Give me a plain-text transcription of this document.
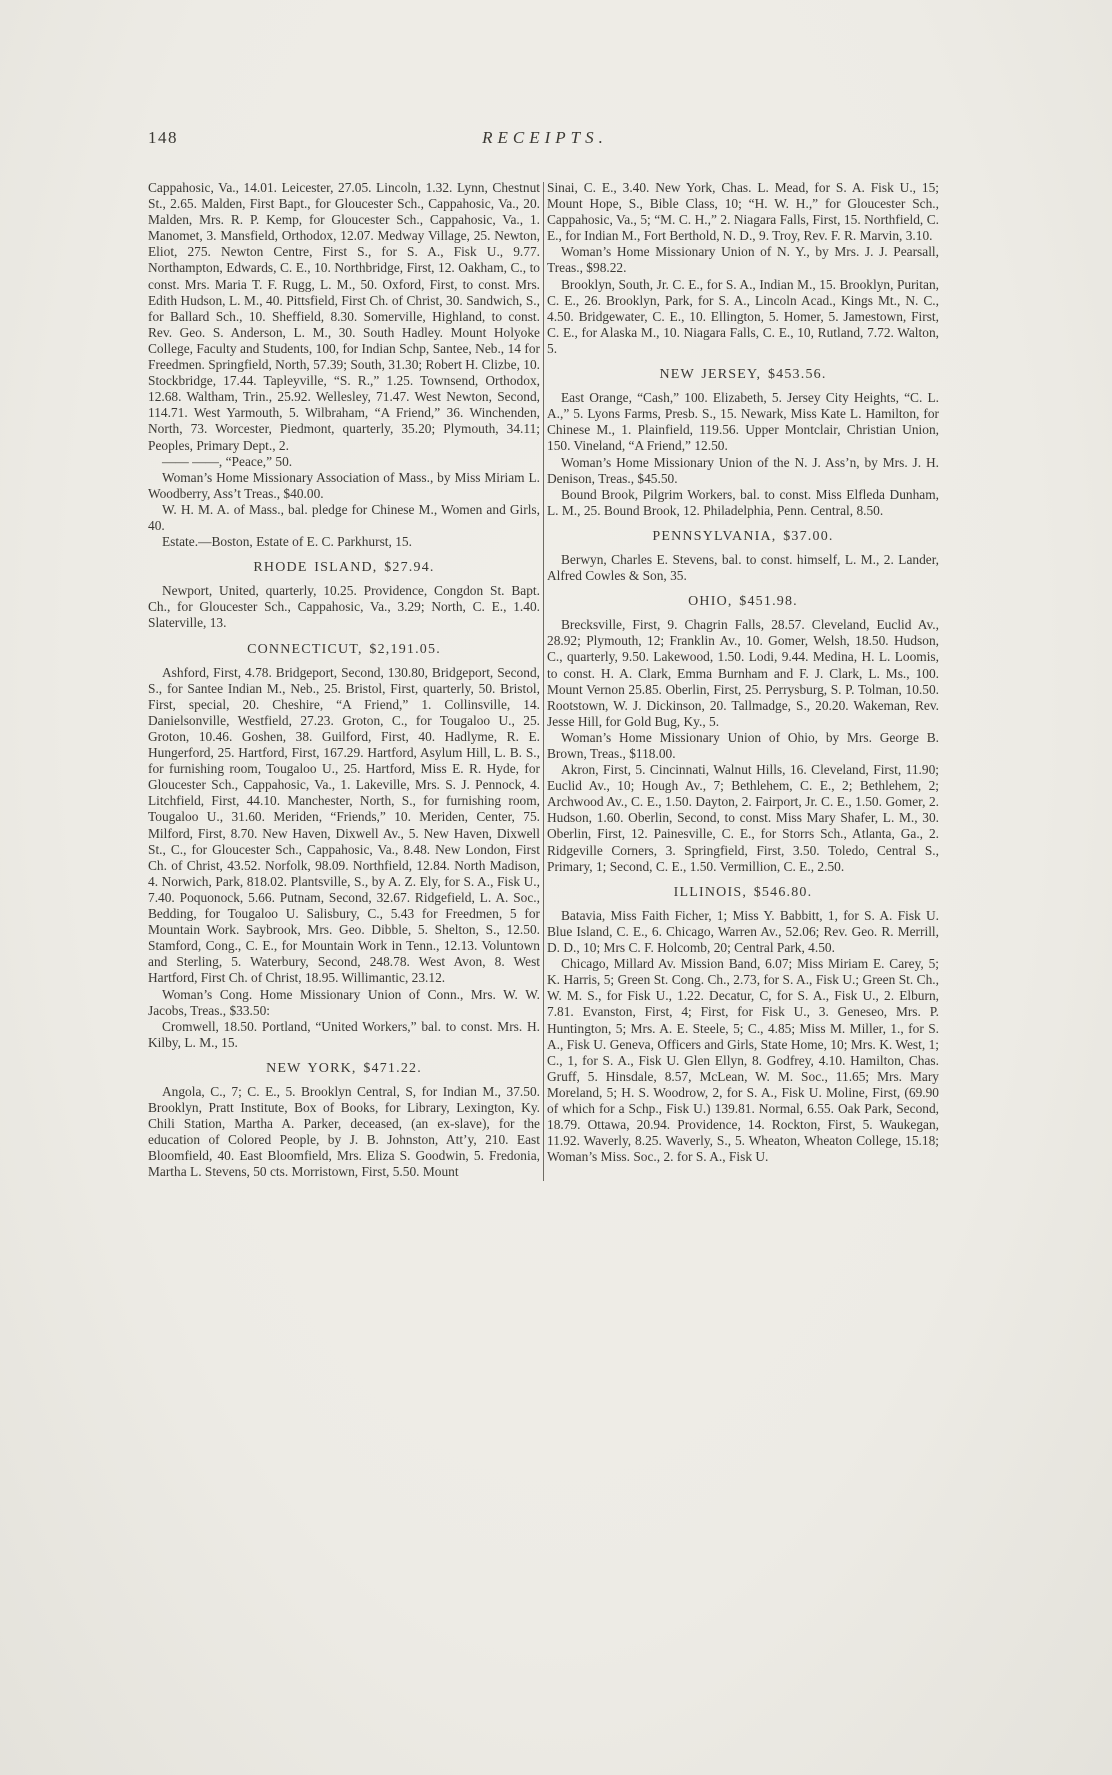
148	RECEIPTS.

Cappahosic, Va., 14.01. Leicester, 27.05. Lincoln, 1.32. Lynn, Chestnut St., 2.65. Malden, First Bapt., for Gloucester Sch., Cappahosic, Va., 20. Malden, Mrs. R. P. Kemp, for Gloucester Sch., Cappahosic, Va., 1. Manomet, 3. Mansfield, Orthodox, 12.07. Medway Village, 25. Newton, Eliot, 275. Newton Centre, First S., for S. A., Fisk U., 9.77. Northampton, Edwards, C. E., 10. Northbridge, First, 12. Oakham, C., to const. Mrs. Maria T. F. Rugg, L. M., 50. Oxford, First, to const. Mrs. Edith Hudson, L. M., 40. Pittsfield, First Ch. of Christ, 30. Sandwich, S., for Ballard Sch., 10. Sheffield, 8.30. Somerville, Highland, to const. Rev. Geo. S. Anderson, L. M., 30. South Hadley. Mount Holyoke College, Faculty and Students, 100, for Indian Schp, Santee, Neb., 14 for Freedmen. Springfield, North, 57.39; South, 31.30; Robert H. Clizbe, 10. Stockbridge, 17.44. Tapleyville, “S. R.,” 1.25. Townsend, Orthodox, 12.68. Waltham, Trin., 25.92. Wellesley, 71.47. West Newton, Second, 114.71. West Yarmouth, 5. Wilbraham, “A Friend,” 36. Winchenden, North, 73. Worcester, Piedmont, quarterly, 35.20; Plymouth, 34.11; Peoples, Primary Dept., 2.

—— ——, “Peace,” 50.

Woman’s Home Missionary Association of Mass., by Miss Miriam L. Woodberry, Ass’t Treas., $40.00.

W. H. M. A. of Mass., bal. pledge for Chinese M., Women and Girls, 40.

Estate.—Boston, Estate of E. C. Parkhurst, 15.

RHODE ISLAND, $27.94.

Newport, United, quarterly, 10.25. Providence, Congdon St. Bapt. Ch., for Gloucester Sch., Cappahosic, Va., 3.29; North, C. E., 1.40. Slaterville, 13.

CONNECTICUT, $2,191.05.

Ashford, First, 4.78. Bridgeport, Second, 130.80, Bridgeport, Second, S., for Santee Indian M., Neb., 25. Bristol, First, quarterly, 50. Bristol, First, special, 20. Cheshire, “A Friend,” 1. Collinsville, 14. Danielsonville, Westfield, 27.23. Groton, C., for Tougaloo U., 25. Groton, 10.46. Goshen, 38. Guilford, First, 40. Hadlyme, R. E. Hungerford, 25. Hartford, First, 167.29. Hartford, Asylum Hill, L. B. S., for furnishing room, Tougaloo U., 25. Hartford, Miss E. R. Hyde, for Gloucester Sch., Cappahosic, Va., 1. Lakeville, Mrs. S. J. Pennock, 4. Litchfield, First, 44.10. Manchester, North, S., for furnishing room, Tougaloo U., 31.60. Meriden, “Friends,” 10. Meriden, Center, 75. Milford, First, 8.70. New Haven, Dixwell Av., 5. New Haven, Dixwell St., C., for Gloucester Sch., Cappahosic, Va., 8.48. New London, First Ch. of Christ, 43.52. Norfolk, 98.09. Northfield, 12.84. North Madison, 4. Norwich, Park, 818.02. Plantsville, S., by A. Z. Ely, for S. A., Fisk U., 7.40. Poquonock, 5.66. Putnam, Second, 32.67. Ridgefield, L. A. Soc., Bedding, for Tougaloo U. Salisbury, C., 5.43 for Freedmen, 5 for Mountain Work. Saybrook, Mrs. Geo. Dibble, 5. Shelton, S., 12.50. Stamford, Cong., C. E., for Mountain Work in Tenn., 12.13. Voluntown and Sterling, 5. Waterbury, Second, 248.78. West Avon, 8. West Hartford, First Ch. of Christ, 18.95. Willimantic, 23.12.

Woman’s Cong. Home Missionary Union of Conn., Mrs. W. W. Jacobs, Treas., $33.50:

Cromwell, 18.50. Portland, “United Workers,” bal. to const. Mrs. H. Kilby, L. M., 15.

NEW YORK, $471.22.

Angola, C., 7; C. E., 5. Brooklyn Central, S, for Indian M., 37.50. Brooklyn, Pratt Institute, Box of Books, for Library, Lexington, Ky. Chili Station, Martha A. Parker, deceased, (an ex-slave), for the education of Colored People, by J. B. Johnston, Att’y, 210. East Bloomfield, 40. East Bloomfield, Mrs. Eliza S. Goodwin, 5. Fredonia, Martha L. Stevens, 50 cts. Morristown, First, 5.50. Mount

Sinai, C. E., 3.40. New York, Chas. L. Mead, for S. A. Fisk U., 15; Mount Hope, S., Bible Class, 10; “H. W. H.,” for Gloucester Sch., Cappahosic, Va., 5; “M. C. H.,” 2. Niagara Falls, First, 15. Northfield, C. E., for Indian M., Fort Berthold, N. D., 9. Troy, Rev. F. R. Marvin, 3.10.

Woman’s Home Missionary Union of N. Y., by Mrs. J. J. Pearsall, Treas., $98.22.

Brooklyn, South, Jr. C. E., for S. A., Indian M., 15. Brooklyn, Puritan, C. E., 26. Brooklyn, Park, for S. A., Lincoln Acad., Kings Mt., N. C., 4.50. Bridgewater, C. E., 10. Ellington, 5. Homer, 5. Jamestown, First, C. E., for Alaska M., 10. Niagara Falls, C. E., 10, Rutland, 7.72. Walton, 5.

NEW JERSEY, $453.56.

East Orange, “Cash,” 100. Elizabeth, 5. Jersey City Heights, “C. L. A.,” 5. Lyons Farms, Presb. S., 15. Newark, Miss Kate L. Hamilton, for Chinese M., 1. Plainfield, 119.56. Upper Montclair, Christian Union, 150. Vineland, “A Friend,” 12.50.

Woman’s Home Missionary Union of the N. J. Ass’n, by Mrs. J. H. Denison, Treas., $45.50.

Bound Brook, Pilgrim Workers, bal. to const. Miss Elfleda Dunham, L. M., 25. Bound Brook, 12. Philadelphia, Penn. Central, 8.50.

PENNSYLVANIA, $37.00.

Berwyn, Charles E. Stevens, bal. to const. himself, L. M., 2. Lander, Alfred Cowles & Son, 35.

OHIO, $451.98.

Brecksville, First, 9. Chagrin Falls, 28.57. Cleveland, Euclid Av., 28.92; Plymouth, 12; Franklin Av., 10. Gomer, Welsh, 18.50. Hudson, C., quarterly, 9.50. Lakewood, 1.50. Lodi, 9.44. Medina, H. L. Loomis, to const. H. A. Clark, Emma Burnham and F. J. Clark, L. Ms., 100. Mount Vernon 25.85. Oberlin, First, 25. Perrysburg, S. P. Tolman, 10.50. Rootstown, W. J. Dickinson, 20. Tallmadge, S., 20.20. Wakeman, Rev. Jesse Hill, for Gold Bug, Ky., 5.

Woman’s Home Missionary Union of Ohio, by Mrs. George B. Brown, Treas., $118.00.

Akron, First, 5. Cincinnati, Walnut Hills, 16. Cleveland, First, 11.90; Euclid Av., 10; Hough Av., 7; Bethlehem, C. E., 2; Bethlehem, 2; Archwood Av., C. E., 1.50. Dayton, 2. Fairport, Jr. C. E., 1.50. Gomer, 2. Hudson, 1.60. Oberlin, Second, to const. Miss Mary Shafer, L. M., 30. Oberlin, First, 12. Painesville, C. E., for Storrs Sch., Atlanta, Ga., 2. Ridgeville Corners, 3. Springfield, First, 3.50. Toledo, Central S., Primary, 1; Second, C. E., 1.50. Vermillion, C. E., 2.50.

ILLINOIS, $546.80.

Batavia, Miss Faith Ficher, 1; Miss Y. Babbitt, 1, for S. A. Fisk U. Blue Island, C. E., 6. Chicago, Warren Av., 52.06; Rev. Geo. R. Merrill, D. D., 10; Mrs C. F. Holcomb, 20; Central Park, 4.50.

Chicago, Millard Av. Mission Band, 6.07; Miss Miriam E. Carey, 5; K. Harris, 5; Green St. Cong. Ch., 2.73, for S. A., Fisk U.; Green St. Ch., W. M. S., for Fisk U., 1.22. Decatur, C, for S. A., Fisk U., 2. Elburn, 7.81. Evanston, First, 4; First, for Fisk U., 3. Geneseo, Mrs. P. Huntington, 5; Mrs. A. E. Steele, 5; C., 4.85; Miss M. Miller, 1., for S. A., Fisk U. Geneva, Officers and Girls, State Home, 10; Mrs. K. West, 1; C., 1, for S. A., Fisk U. Glen Ellyn, 8. Godfrey, 4.10. Hamilton, Chas. Gruff, 5. Hinsdale, 8.57, McLean, W. M. Soc., 11.65; Mrs. Mary Moreland, 5; H. S. Woodrow, 2, for S. A., Fisk U. Moline, First, (69.90 of which for a Schp., Fisk U.) 139.81. Normal, 6.55. Oak Park, Second, 18.79. Ottawa, 20.94. Providence, 14. Rockton, First, 5. Waukegan, 11.92. Waverly, 8.25. Waverly, S., 5. Wheaton, Wheaton College, 15.18; Woman’s Miss. Soc., 2. for S. A., Fisk U.
